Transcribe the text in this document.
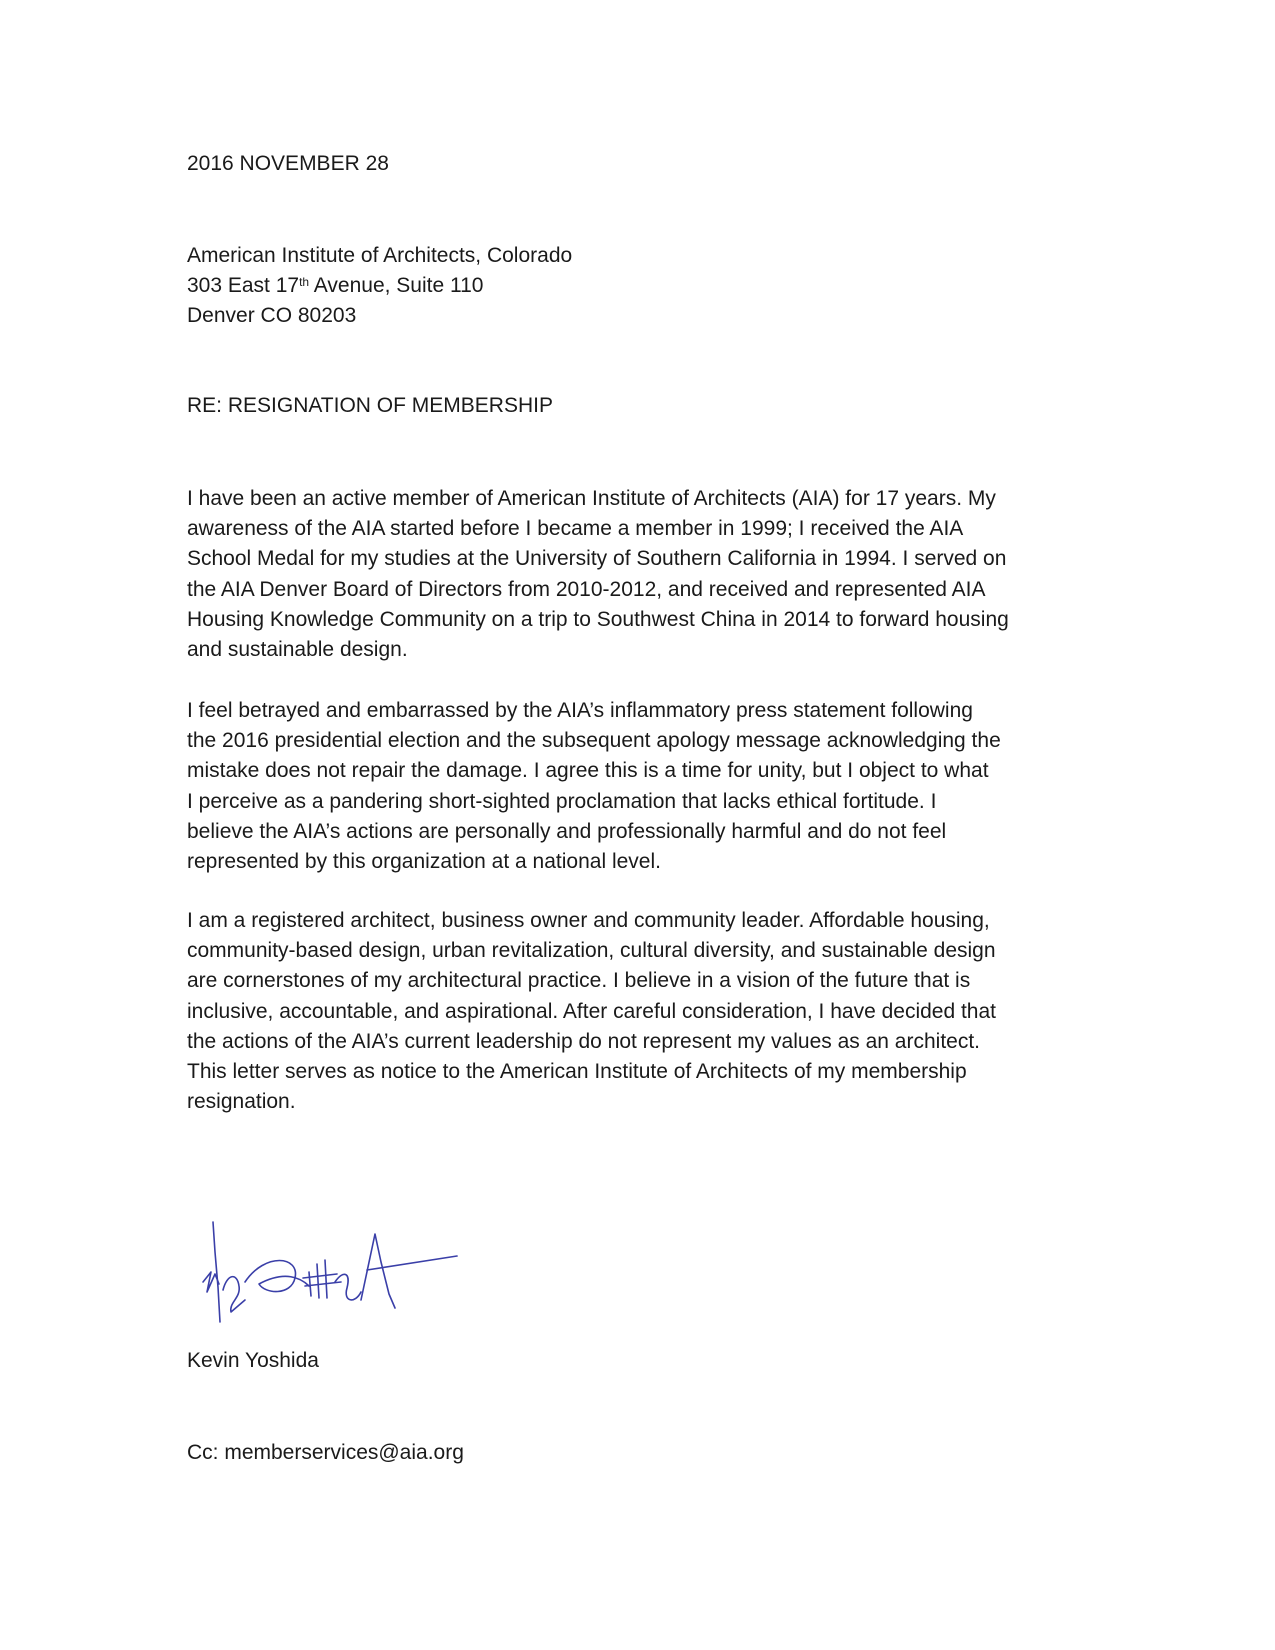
2016 NOVEMBER 28
American Institute of Architects, Colorado
303 East 17th Avenue, Suite 110
Denver CO 80203
RE: RESIGNATION OF MEMBERSHIP
I have been an active member of American Institute of Architects (AIA) for 17 years. My
awareness of the AIA started before I became a member in 1999; I received the AIA
School Medal for my studies at the University of Southern California in 1994. I served on
the AIA Denver Board of Directors from 2010-2012, and received and represented AIA
Housing Knowledge Community on a trip to Southwest China in 2014 to forward housing
and sustainable design.
I feel betrayed and embarrassed by the AIA’s inflammatory press statement following
the 2016 presidential election and the subsequent apology message acknowledging the
mistake does not repair the damage. I agree this is a time for unity, but I object to what
I perceive as a pandering short-sighted proclamation that lacks ethical fortitude. I
believe the AIA’s actions are personally and professionally harmful and do not feel
represented by this organization at a national level.
I am a registered architect, business owner and community leader. Affordable housing,
community-based design, urban revitalization, cultural diversity, and sustainable design
are cornerstones of my architectural practice. I believe in a vision of the future that is
inclusive, accountable, and aspirational. After careful consideration, I have decided that
the actions of the AIA’s current leadership do not represent my values as an architect.
This letter serves as notice to the American Institute of Architects of my membership
resignation.
Kevin Yoshida
Cc: memberservices@aia.org
